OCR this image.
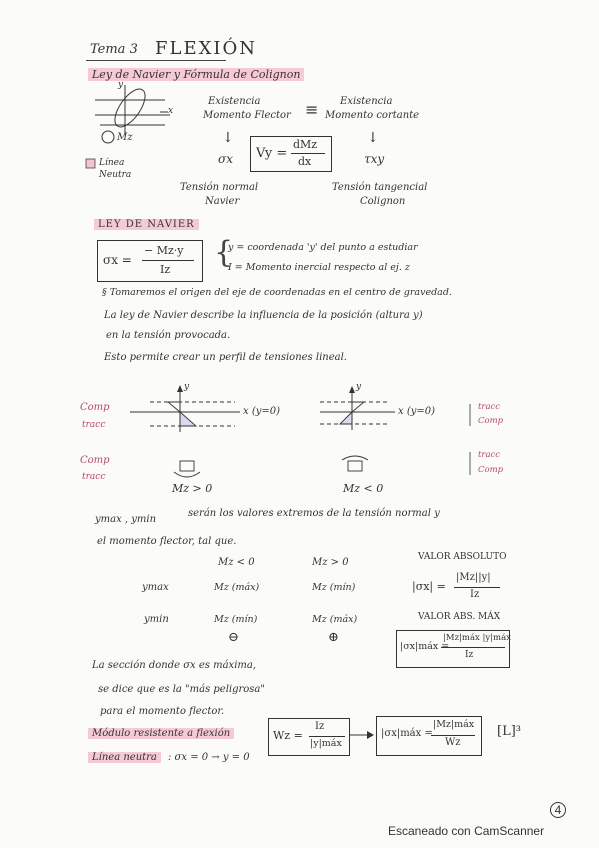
Tema 3 FLEXIÓN
Ley de Navier y Fórmula de Colignon
y
x
Mz
Línea
Neutra
Existencia
Momento Flector ≡ Existencia
Momento cortante
↓	↓
σx	τxy
Vy =
dMz
dx
Tensión normal
Navier
Tensión tangencial
Colignon
LEY DE NAVIER
σx =
− Mz·y
Iz {
y = coordenada 'y' del punto a estudiar
I = Momento inercial respecto al ej. z
§ Tomaremos el origen del eje de coordenadas en el centro de gravedad.
La ley de Navier describe la influencia de la posición (altura y)
en la tensión provocada.
Esto permite crear un perfil de tensiones lineal.
Comp
tracc
y
x (y=0)
y
x (y=0)	tracc
Comp
Comp
tracc
tracc
Comp
Mz > 0	Mz < 0
ymax , ymin
serán los valores extremos de la tensión normal y
el momento flector, tal que.
Mz < 0	Mz > 0	VALOR ABSOLUTO
ymax	Mz (máx)	Mz (mín)
ymin	Mz (mín)	Mz (máx)
⊖	⊕
|σx| =
|Mz||y|
Iz
VALOR ABS. MÁX
|σx|máx =
|Mz|máx |y|máx
Iz
La sección donde σx es máxima,
se dice que es la "más peligrosa"
para el momento flector.
Módulo resistente a flexión	Wz =
Iz
|y|máx
|σx|máx =
|Mz|máx
Wz
[L]³
Línea neutra	: σx = 0 → y = 0
4
Escaneado con CamScanner
